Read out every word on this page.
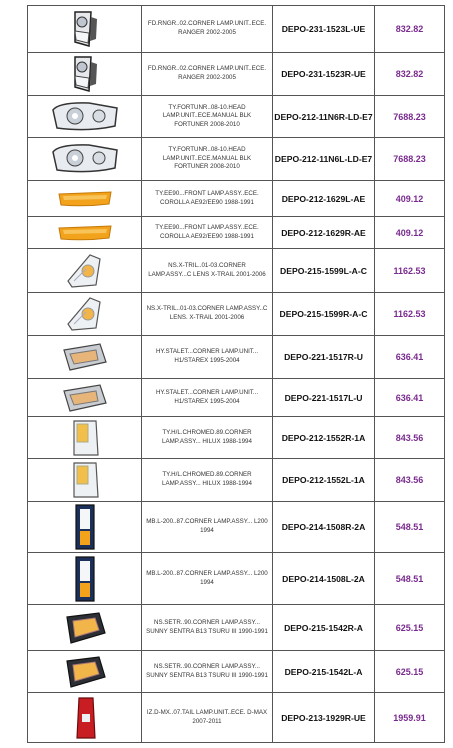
	FD.RNGR..02.CORNER LAMP.UNIT..ECE. RANGER 2002-2005	DEPO-231-1523L-UE	832.82

	FD.RNGR..02.CORNER LAMP.UNIT..ECE. RANGER 2002-2005	DEPO-231-1523R-UE	832.82

	TY.FORTUNR..08-10.HEAD LAMP.UNIT..ECE.MANUAL BLK FORTUNER 2008-2010	DEPO-212-11N6R-LD-E7	7688.23

	TY.FORTUNR..08-10.HEAD LAMP.UNIT..ECE.MANUAL BLK FORTUNER 2008-2010	DEPO-212-11N6L-LD-E7	7688.23

	TY.EE90...FRONT LAMP.ASSY..ECE. COROLLA AE92/EE90 1988-1991	DEPO-212-1629L-AE	409.12

	TY.EE90...FRONT LAMP.ASSY..ECE. COROLLA AE92/EE90 1988-1991	DEPO-212-1629R-AE	409.12

	NS.X-TRIL..01-03.CORNER LAMP.ASSY...C LENS X-TRAIL 2001-2006	DEPO-215-1599L-A-C	1162.53

	NS.X-TRIL..01-03.CORNER LAMP.ASSY..C LENS. X-TRAIL 2001-2006	DEPO-215-1599R-A-C	1162.53

	HY.STALET...CORNER LAMP.UNIT... H1/STAREX 1995-2004	DEPO-221-1517R-U	636.41

	HY.STALET...CORNER LAMP.UNIT... H1/STAREX 1995-2004	DEPO-221-1517L-U	636.41

	TY.H/L.CHROMED.89.CORNER LAMP.ASSY... HILUX 1988-1994	DEPO-212-1552R-1A	843.56

	TY.H/L.CHROMED.89.CORNER LAMP.ASSY... HILUX 1988-1994	DEPO-212-1552L-1A	843.56

	MB.L-200..87.CORNER LAMP.ASSY... L200 1994	DEPO-214-1508R-2A	548.51

	MB.L-200..87.CORNER LAMP.ASSY... L200 1994	DEPO-214-1508L-2A	548.51

	NS.SETR..90.CORNER LAMP.ASSY... SUNNY SENTRA B13 TSURU III 1990-1991	DEPO-215-1542R-A	625.15

	NS.SETR..90.CORNER LAMP.ASSY... SUNNY SENTRA B13 TSURU III 1990-1991	DEPO-215-1542L-A	625.15

	IZ.D-MX..07.TAIL LAMP.UNIT..ECE. D-MAX 2007-2011	DEPO-213-1929R-UE	1959.91
